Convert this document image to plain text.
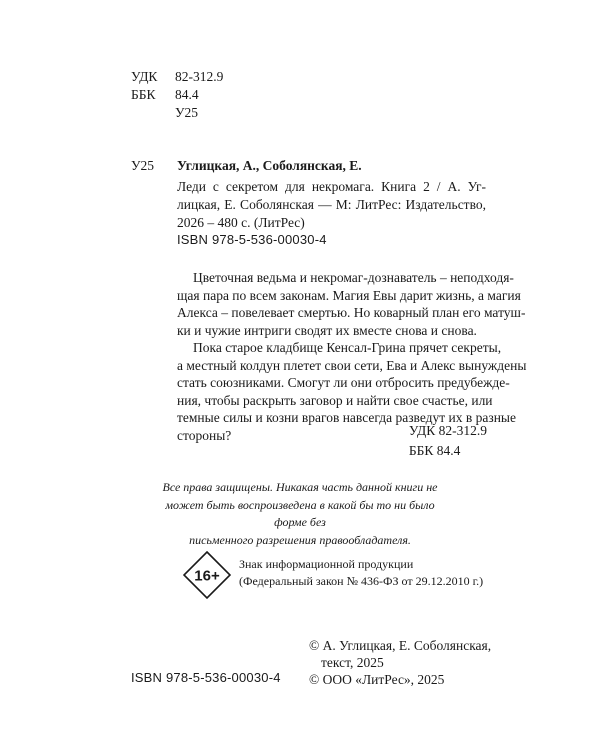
УДК 82-312.9
ББК 84.4
У25
Углицкая, А., Соболянская, Е.
У25
Леди с секретом для некромага. Книга 2 / А. Уг-
лицкая, Е. Соболянская — М: ЛитРес: Издательство,
2026 – 480 с. (ЛитРес)
ISBN 978-5-536-00030-4
Цветочная ведьма и некромаг-дознаватель – неподходя-
щая пара по всем законам. Магия Евы дарит жизнь, а магия
Алекса – повелевает смертью. Но коварный план его матуш-
ки и чужие интриги сводят их вместе снова и снова.
Пока старое кладбище Кенсал-Грина прячет секреты,
а местный колдун плетет свои сети, Ева и Алекс вынуждены
стать союзниками. Смогут ли они отбросить предубежде-
ния, чтобы раскрыть заговор и найти свое счастье, или
темные силы и козни врагов навсегда разведут их в разные
стороны?	УДК 82-312.9
ББК 84.4
Все права защищены. Никакая часть данной книги не
может быть воспроизведена в какой бы то ни было форме без
письменного разрешения правообладателя.
16+
Знак информационной продукции
(Федеральный закон № 436-ФЗ от 29.12.2010 г.)
© А. Углицкая, Е. Соболянская,
текст, 2025
© ООО «ЛитРес», 2025
ISBN 978-5-536-00030-4
